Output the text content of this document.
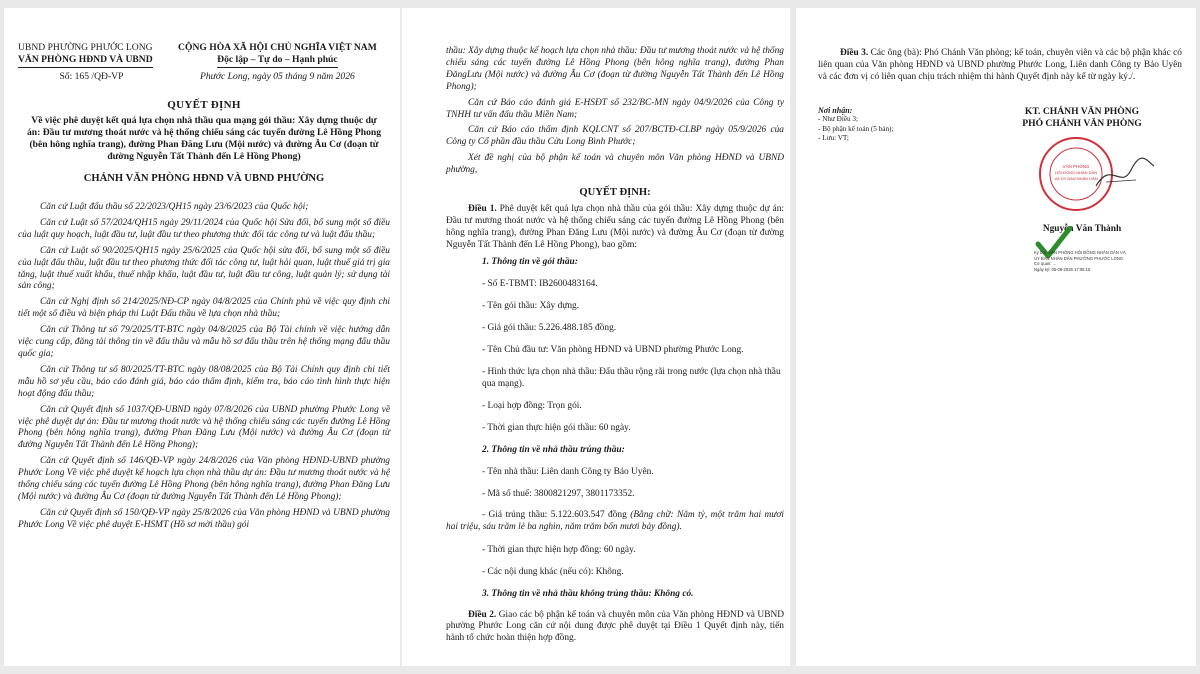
UBND PHƯỜNG PHƯỚC LONG
VĂN PHÒNG HĐND VÀ UBND
Số: 165 /QĐ-VP
CỘNG HÒA XÃ HỘI CHỦ NGHĨA VIỆT NAM
Độc lập – Tự do – Hạnh phúc
Phước Long, ngày 05 tháng 9 năm 2026
QUYẾT ĐỊNH
Về việc phê duyệt kết quả lựa chọn nhà thầu qua mạng gói thầu: Xây dựng thuộc dự án: Đầu tư mương thoát nước và hệ thống chiếu sáng các tuyến đường Lê Hồng Phong (bên hông nghĩa trang), đường Phan Đăng Lưu (Mội nước) và đường Âu Cơ (đoạn từ đường Nguyễn Tất Thành đến Lê Hồng Phong)
CHÁNH VĂN PHÒNG HĐND VÀ UBND PHƯỜNG

Căn cứ Luật đấu thầu số 22/2023/QH15 ngày 23/6/2023 của Quốc hội;

Căn cứ Luật số 57/2024/QH15 ngày 29/11/2024 của Quốc hội Sửa đổi, bổ sung một số điều của luật quy hoạch, luật đầu tư, luật đầu tư theo phương thức đối tác công tư và luật đấu thầu;

Căn cứ Luật số 90/2025/QH15 ngày 25/6/2025 của Quốc hội sửa đổi, bổ sung một số điều của luật đấu thầu, luật đầu tư theo phương thức đối tác công tư, luật hải quan, luật thuế giá trị gia tăng, luật thuế xuất khẩu, thuế nhập khẩu, luật đầu tư, luật đầu tư công, luật quản lý; sử dụng tài sản công;

Căn cứ Nghị định số 214/2025/NĐ-CP ngày 04/8/2025 của Chính phủ về việc quy định chi tiết một số điều và biện pháp thi Luật Đấu thầu về lựa chọn nhà thầu;

Căn cứ Thông tư số 79/2025/TT-BTC ngày 04/8/2025 của Bộ Tài chính về việc hướng dẫn việc cung cấp, đăng tải thông tin về đấu thầu và mẫu hồ sơ đấu thầu trên hệ thống mạng đấu thầu quốc gia;

Căn cứ Thông tư số 80/2025/TT-BTC ngày 08/08/2025 của Bộ Tài Chính quy định chi tiết mẫu hồ sơ yêu cầu, báo cáo đánh giá, báo cáo thẩm định, kiểm tra, báo cáo tình hình thực hiện hoạt động đấu thầu;

Căn cứ Quyết định số 1037/QĐ-UBND ngày 07/8/2026 của UBND phường Phước Long về việc phê duyệt dự án: Đầu tư mương thoát nước và hệ thống chiếu sáng các tuyến đường Lê Hồng Phong (bên hông nghĩa trang), đường Phan Đăng Lưu (Mội nước) và đường Âu Cơ (đoạn từ đường Nguyễn Tất Thành đến Lê Hồng Phong);

Căn cứ Quyết định số 146/QĐ-VP ngày 24/8/2026 của Văn phòng HĐND-UBND phường Phước Long Về việc phê duyệt kế hoạch lựa chọn nhà thầu dự án: Đầu tư mương thoát nước và hệ thống chiếu sáng các tuyến đường Lê Hồng Phong (bên hông nghĩa trang), đường Phan Đăng Lưu (Mội nước) và đường Âu Cơ (đoạn từ đường Nguyễn Tất Thành đến Lê Hồng Phong);

Căn cứ Quyết định số 150/QĐ-VP ngày 25/8/2026 của Văn phòng HĐND và UBND phường Phước Long Về việc phê duyệt E-HSMT (Hồ sơ mời thầu) gói

thầu: Xây dựng thuộc kế hoạch lựa chọn nhà thầu: Đầu tư mương thoát nước và hệ thống chiếu sáng các tuyến đường Lê Hồng Phong (bên hông nghĩa trang), đường Phan ĐăngLưu (Mội nước) và đường Âu Cơ (đoạn từ đường Nguyễn Tất Thành đến Lê Hồng Phong);

Căn cứ Báo cáo đánh giá E-HSĐT số 232/BC-MN ngày 04/9/2026 của Công ty TNHH tư vấn đấu thầu Miền Nam;

Căn cứ Báo cáo thẩm định KQLCNT số 207/BCTĐ-CLBP ngày 05/9/2026 của Công ty Cổ phần đầu thầu Cửu Long Bình Phước;

Xét đề nghị của bộ phận kế toán và chuyên môn Văn phòng HĐND và UBND phường,

QUYẾT ĐỊNH:

Điều 1. Phê duyệt kết quả lựa chọn nhà thầu của gói thầu: Xây dựng thuộc dự án: Đầu tư mương thoát nước và hệ thống chiếu sáng các tuyến đường Lê Hồng Phong (bên hông nghĩa trang), đường Phan Đăng Lưu (Mội nước) và đường Âu Cơ (đoạn từ đường Nguyễn Tất Thành đến Lê Hồng Phong), bao gồm:

1. Thông tin về gói thầu:
- Số E-TBMT: IB2600483164.
- Tên gói thầu: Xây dựng.
- Giá gói thầu: 5.226.488.185 đồng.
- Tên Chủ đầu tư: Văn phòng HĐND và UBND phường Phước Long.
- Hình thức lựa chọn nhà thầu: Đấu thầu rộng rãi trong nước (lựa chọn nhà thầu qua mạng).
- Loại hợp đồng: Trọn gói.
- Thời gian thực hiện gói thầu: 60 ngày.
2. Thông tin về nhà thầu trúng thầu:
- Tên nhà thầu: Liên danh Công ty Bảo Uyên.
- Mã số thuế: 3800821297, 3801173352.
- Giá trúng thầu: 5.122.603.547 đồng (Bằng chữ: Năm tỷ, một trăm hai mươi hai triệu, sáu trăm lẻ ba nghìn, năm trăm bốn mươi bảy đồng).
- Thời gian thực hiện hợp đồng: 60 ngày.
- Các nội dung khác (nếu có): Không.
3. Thông tin về nhà thầu không trúng thầu: Không có.

Điều 2. Giao các bộ phận kế toán và chuyên môn của Văn phòng HĐND và UBND phường Phước Long căn cứ nội dung được phê duyệt tại Điều 1 Quyết định này, tiến hành tổ chức hoàn thiện hợp đồng.

Điều 3. Các ông (bà): Phó Chánh Văn phòng; kế toán, chuyên viên và các bộ phận khác có liên quan của Văn phòng HĐND và UBND phường Phước Long, Liên danh Công ty Bảo Uyên và các đơn vị có liên quan chịu trách nhiệm thi hành Quyết định này kể từ ngày ký./.

Nơi nhận:
- Như Điều 3;
- Bộ phận kế toán (5 bản);
- Lưu: VT;
KT. CHÁNH VĂN PHÒNG
PHÓ CHÁNH VĂN PHÒNG
VĂN PHÒNG
HỘI ĐỒNG NHÂN DÂN
VÀ ỦY BAN NHÂN DÂN
Nguyễn Văn Thành
Ký bởi: VĂN PHÒNG HỘI ĐỒNG NHÂN DÂN VÀ
ỦY BAN NHÂN DÂN PHƯỜNG PHƯỚC LONG
Cơ quan: ...
Ngày ký: 05-09-2026 17:08:15
